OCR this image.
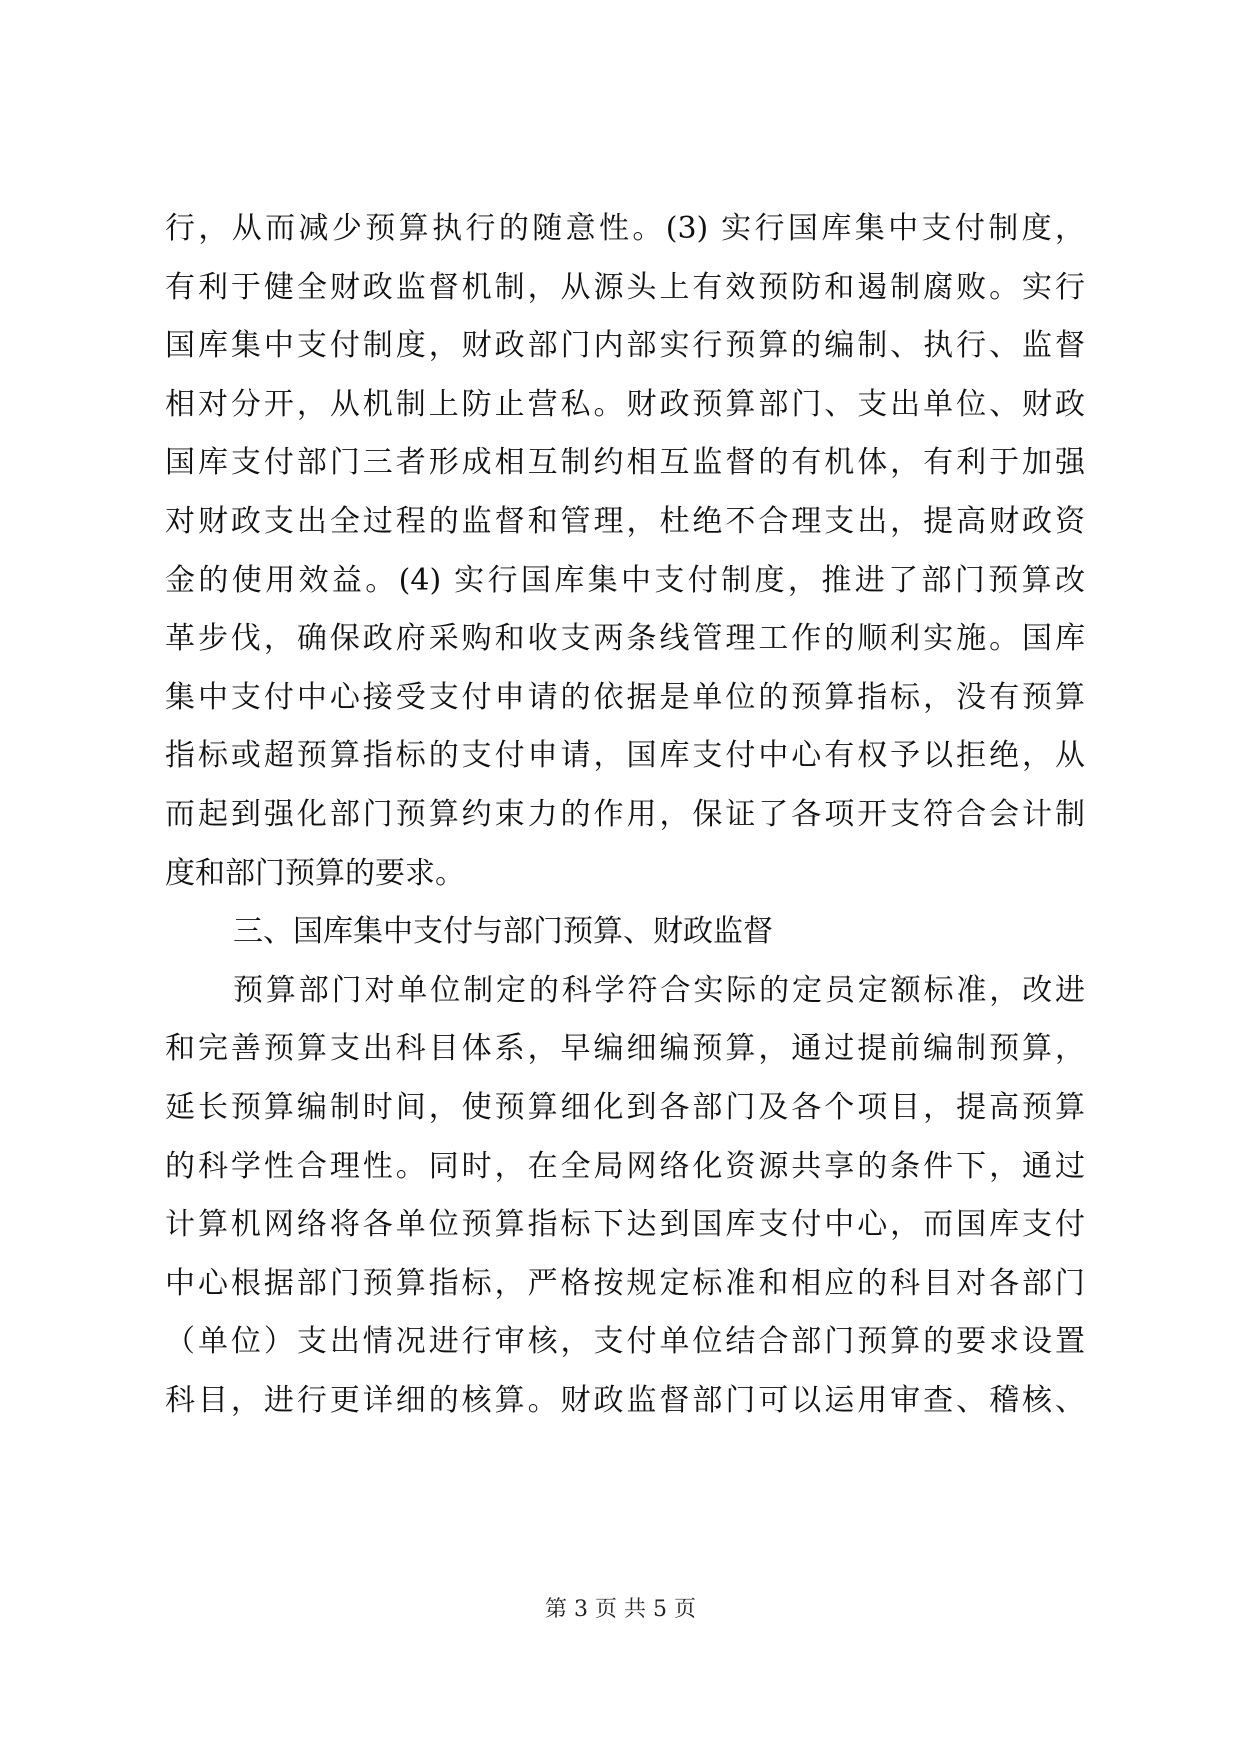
行，从而减少预算执行的随意性。(3) 实行国库集中支付制度，
有利于健全财政监督机制，从源头上有效预防和遏制腐败。实行
国库集中支付制度，财政部门内部实行预算的编制、执行、监督
相对分开，从机制上防止营私。财政预算部门、支出单位、财政
国库支付部门三者形成相互制约相互监督的有机体，有利于加强
对财政支出全过程的监督和管理，杜绝不合理支出，提高财政资
金的使用效益。(4) 实行国库集中支付制度，推进了部门预算改
革步伐，确保政府采购和收支两条线管理工作的顺利实施。国库
集中支付中心接受支付申请的依据是单位的预算指标，没有预算
指标或超预算指标的支付申请，国库支付中心有权予以拒绝，从
而起到强化部门预算约束力的作用，保证了各项开支符合会计制
度和部门预算的要求。
三、国库集中支付与部门预算、财政监督
预算部门对单位制定的科学符合实际的定员定额标准，改进
和完善预算支出科目体系，早编细编预算，通过提前编制预算，
延长预算编制时间，使预算细化到各部门及各个项目，提高预算
的科学性合理性。同时，在全局网络化资源共享的条件下，通过
计算机网络将各单位预算指标下达到国库支付中心，而国库支付
中心根据部门预算指标，严格按规定标准和相应的科目对各部门
（单位）支出情况进行审核，支付单位结合部门预算的要求设置
科目，进行更详细的核算。财政监督部门可以运用审查、稽核、
第 3 页 共 5 页
